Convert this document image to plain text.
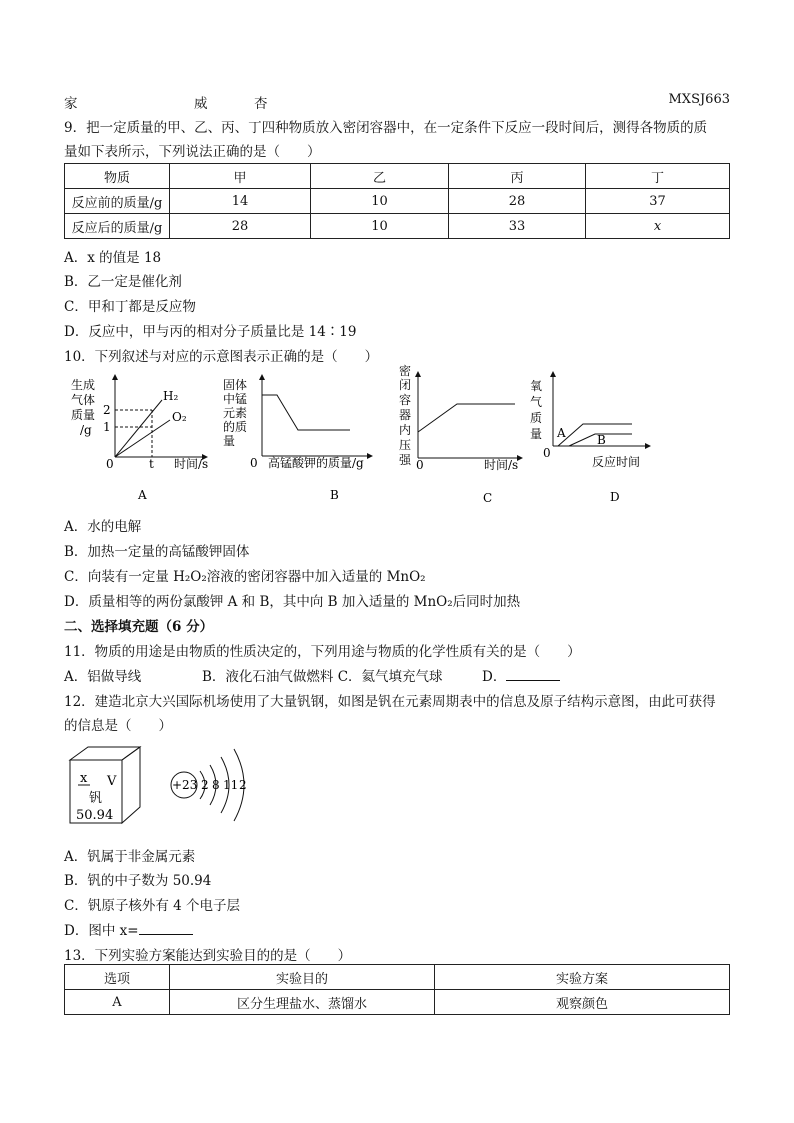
家	威	杏	MXSJ663
9．把一定质量的甲、乙、丙、丁四种物质放入密闭容器中，在一定条件下反应一段时间后，测得各物质的质
量如下表所示，下列说法正确的是（　　）
物质	甲	乙	丙	丁
反应前的质量/g	14	10	28	37
反应后的质量/g	28	10	33	x
A．x 的值是 18
B．乙一定是催化剂
C．甲和丁都是反应物
D．反应中，甲与丙的相对分子质量比是 14∶19
10．下列叙述与对应的示意图表示正确的是（　　）
生成
气体
质量
/g
0
2
1
H₂
O₂
t 时间/s
A
固体
中锰
元素
的质
量
0 高锰酸钾的质量/g
B
密
闭
容
器
内
压
强 0	时间/s
C
氧
气
质
量 A	B
0
反应时间
D
A．水的电解
B．加热一定量的高锰酸钾固体
C．向装有一定量 H₂O₂溶液的密闭容器中加入适量的 MnO₂
D．质量相等的两份氯酸钾 A 和 B，其中向 B 加入适量的 MnO₂后同时加热
二、选择填充题（6 分）
11．物质的用途是由物质的性质决定的，下列用途与物质的化学性质有关的是（　　）
A．铝做导线	B．液化石油气做燃料 C．氦气填充气球	D．
12．建造北京大兴国际机场使用了大量钒钢，如图是钒在元素周期表中的信息及原子结构示意图，由此可获得
的信息是（　　）
x V
钒
50.94
+23 2 8 11 2
A．钒属于非金属元素
B．钒的中子数为 50.94
C．钒原子核外有 4 个电子层
D．图中 x=
13．下列实验方案能达到实验目的的是（　　）
选项	实验目的	实验方案
A	区分生理盐水、蒸馏水	观察颜色
